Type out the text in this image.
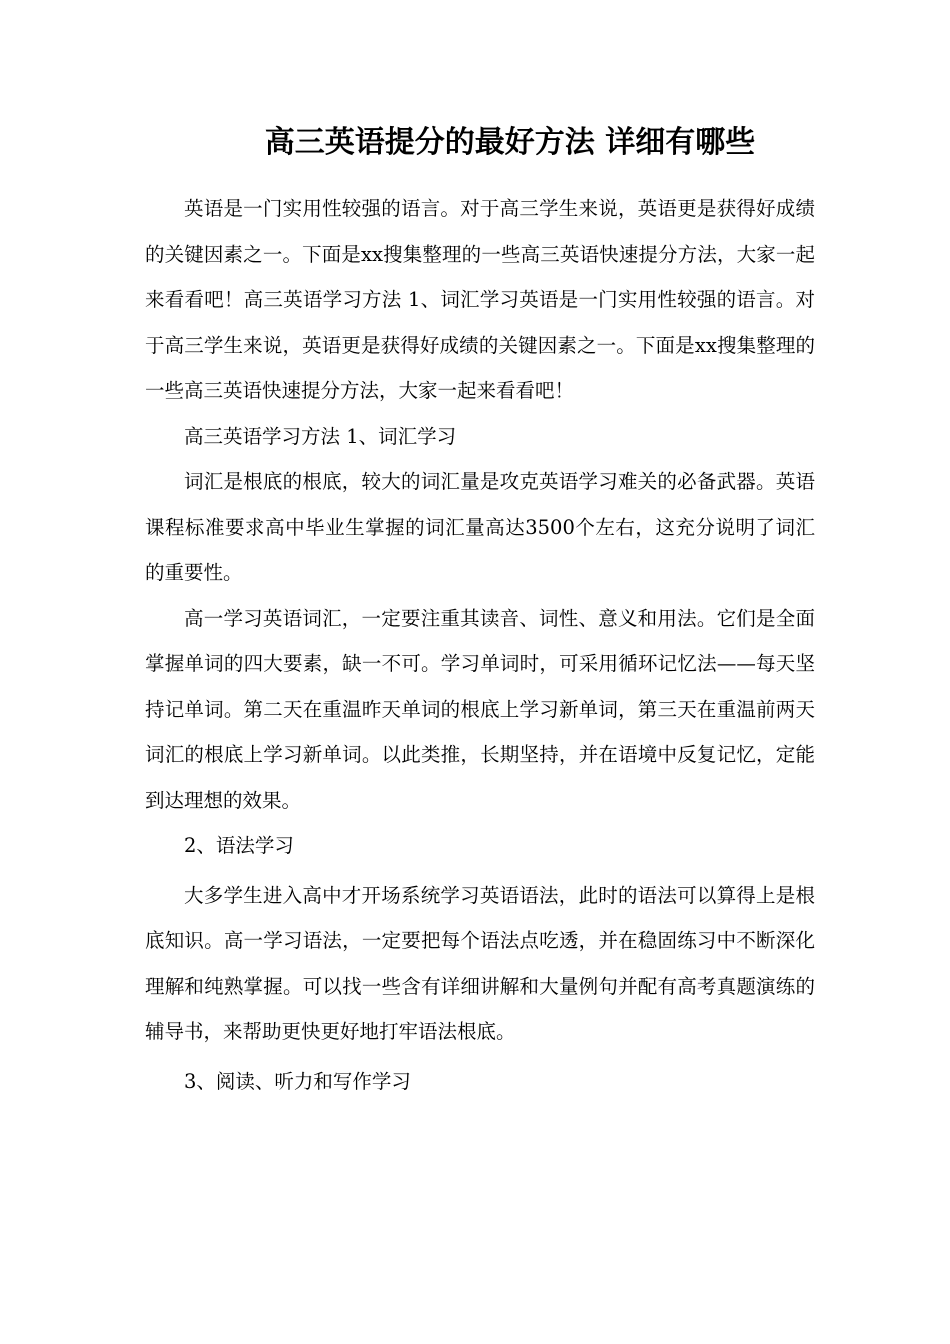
高三英语提分的最好方法 详细有哪些

英语是一门实用性较强的语言。对于高三学生来说，英语更是获得好成绩的关键因素之一。下面是xx搜集整理的一些高三英语快速提分方法，大家一起来看看吧！高三英语学习方法 1、词汇学习英语是一门实用性较强的语言。对于高三学生来说，英语更是获得好成绩的关键因素之一。下面是xx搜集整理的一些高三英语快速提分方法，大家一起来看看吧！

高三英语学习方法 1、词汇学习

词汇是根底的根底，较大的词汇量是攻克英语学习难关的必备武器。英语课程标准要求高中毕业生掌握的词汇量高达3500个左右，这充分说明了词汇的重要性。

高一学习英语词汇，一定要注重其读音、词性、意义和用法。它们是全面掌握单词的四大要素，缺一不可。学习单词时，可采用循环记忆法——每天坚持记单词。第二天在重温昨天单词的根底上学习新单词，第三天在重温前两天词汇的根底上学习新单词。以此类推，长期坚持，并在语境中反复记忆，定能到达理想的效果。

2、语法学习

大多学生进入高中才开场系统学习英语语法，此时的语法可以算得上是根底知识。高一学习语法，一定要把每个语法点吃透，并在稳固练习中不断深化理解和纯熟掌握。可以找一些含有详细讲解和大量例句并配有高考真题演练的辅导书，来帮助更快更好地打牢语法根底。

3、阅读、听力和写作学习
